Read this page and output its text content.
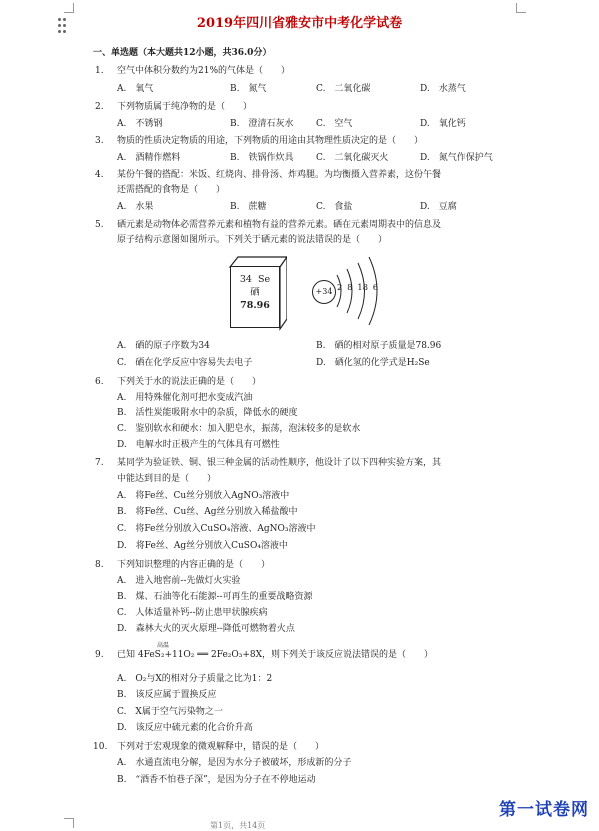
2019年四川省雅安市中考化学试卷
一、单选题（本大题共12小题，共36.0分）
1. 空气中体积分数约为21%的气体是（　　）
A.　氧气	B.　氮气	C.　二氧化碳	D.　水蒸气
2. 下列物质属于纯净物的是（　　）
A.　不锈钢	B.　澄清石灰水	C.　空气	D.　氧化钙
3. 物质的性质决定物质的用途，下列物质的用途由其物理性质决定的是（　　）
A.　酒精作燃料	B.　铁锅作炊具	C.　二氧化碳灭火	D.　氮气作保护气
4. 某份午餐的搭配：米饭、红烧肉、排骨汤、炸鸡腿。为均衡摄入营养素，这份午餐
还需搭配的食物是（　　）
A.　水果	B.　蔗糖	C.　食盐	D.　豆腐
5. 硒元素是动物体必需营养元素和植物有益的营养元素。硒在元素周期表中的信息及
原子结构示意图如图所示。下列关于硒元素的说法错误的是（　　）
34 Se
硒
78.96
+34 2 8 18 6
A.　硒的原子序数为34	B.　硒的相对原子质量是78.96
C.　硒在化学反应中容易失去电子	D.　硒化氢的化学式是H₂Se
6. 下列关于水的说法正确的是（　　）
A.　用特殊催化剂可把水变成汽油
B.　活性炭能吸附水中的杂质，降低水的硬度
C.　鉴别软水和硬水：加入肥皂水，振荡，泡沫较多的是软水
D.　电解水时正极产生的气体具有可燃性
7. 某同学为验证铁、铜、银三种金属的活动性顺序，他设计了以下四种实验方案，其
中能达到目的是（　　）
A.　将Fe丝、Cu丝分别放入AgNO₃溶液中
B.　将Fe丝、Cu丝、Ag丝分别放入稀盐酸中
C.　将Fe丝分别放入CuSO₄溶液、AgNO₃溶液中
D.　将Fe丝、Ag丝分别放入CuSO₄溶液中
8. 下列知识整理的内容正确的是（　　）
A.　进入地窖前--先做灯火实验
B.　煤、石油等化石能源--可再生的重要战略资源
C.　人体适量补钙--防止患甲状腺疾病
D.　森林大火的灭火原理--降低可燃物着火点
高温
9. 已知 4FeS₂+11O₂ ══ 2Fe₂O₃+8X，则下列关于该反应说法错误的是（　　）
A.　O₂与X的相对分子质量之比为1：2
B.　该反应属于置换反应
C.　X属于空气污染物之一
D.　该反应中硫元素的化合价升高
10. 下列对于宏观现象的微观解释中，错误的是（　　）
A.　水通直流电分解，是因为水分子被破坏，形成新的分子
B.　“酒香不怕巷子深”，是因为分子在不停地运动
第一试卷网
第1页，共14页
